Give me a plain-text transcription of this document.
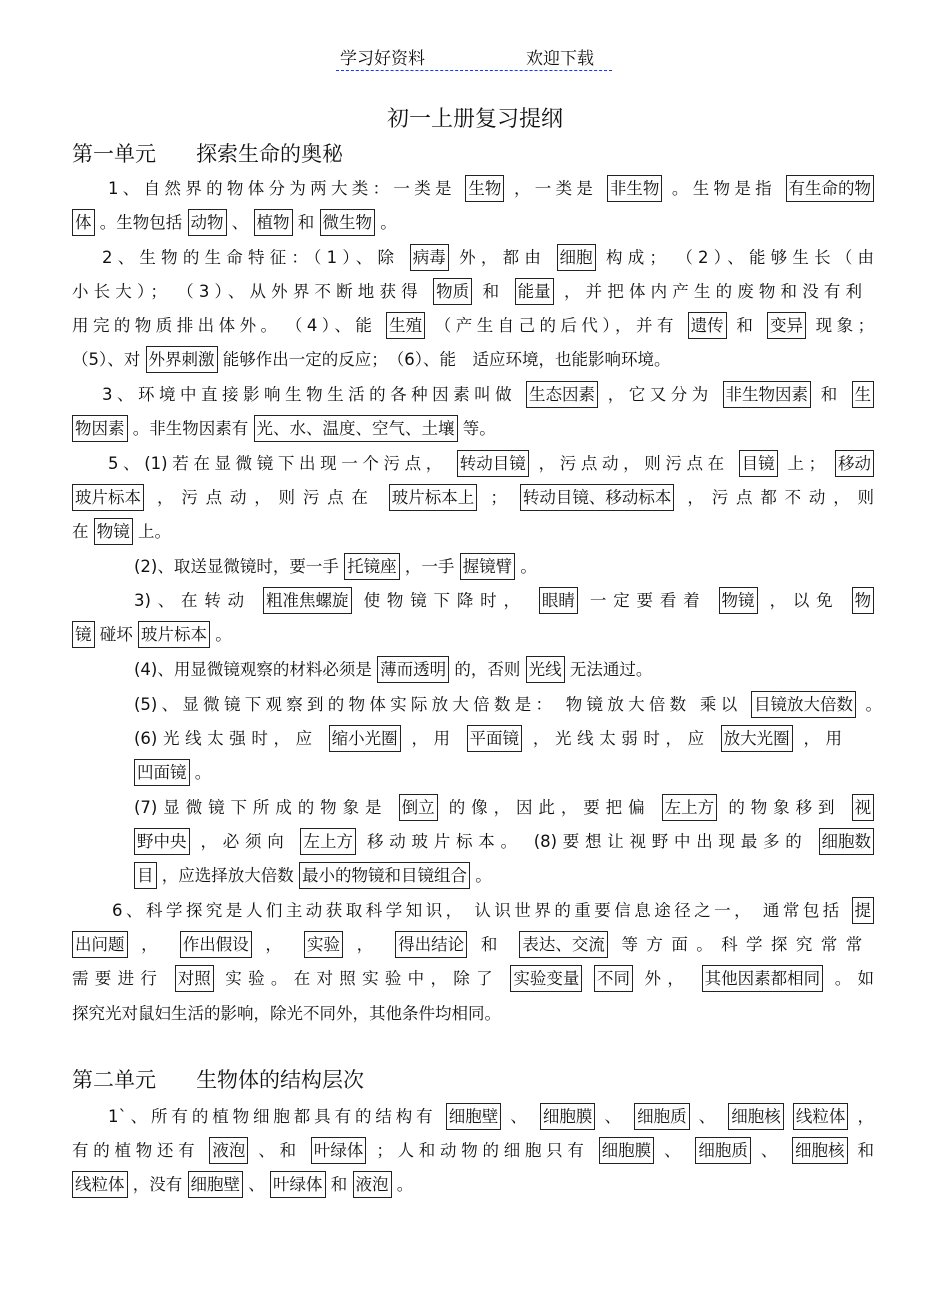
学习好资料	欢迎下载
初一上册复习提纲
第一单元 探索生命的奥秘
第二单元 生物体的结构层次
1、自然界的物体分为两大类：一类是 生物 ，一类是 非生物 。生物是指 有生命的物
体 。生物包括 动物 、 植物 和 微生物 。
2、生物的生命特征：（1）、除 病毒 外，都由 细胞 构成；　（2）、能够生长（由
小长大）；　（3）、从外界不断地获得 物质 和 能量 ，并把体内产生的废物和没有利
用完的物质排出体外。　（4）、能 生殖 （产生自己的后代），并有 遗传 和 变异 现象；
（5）、对 外界刺激 能够作出一定的反应；　（6）、能　适应环境，也能影响环境。
3、环境中直接影响生物生活的各种因素叫做 生态因素 ，它又分为 非生物因素 和 生
物因素 。非生物因素有 光、水、温度、空气、土壤 等。
5、(1)若在显微镜下出现一个污点， 转动目镜 ，污点动，则污点在 目镜 上； 移动
玻片标本 ，污点动，则污点在 玻片标本上 ； 转动目镜、移动标本 ，污点都不动，则
在 物镜 上。
(2)、取送显微镜时，要一手 托镜座 ，一手 握镜臂 。
3)、在转动 粗准焦螺旋 使物镜下降时， 眼睛 一定要看着 物镜 ，以免 物
镜 碰坏 玻片标本 。
(4)、用显微镜观察的材料必须是 薄而透明 的，否则 光线 无法通过。
(5)、显微镜下观察到的物体实际放大倍数是： 物镜放大倍数 乘以 目镜放大倍数 。
(6)光线太强时，应 缩小光圈 ，用 平面镜 ，光线太弱时，应 放大光圈 ，用
凹面镜 。
(7)显微镜下所成的物象是 倒立 的像，因此，要把偏 左上方 的物象移到 视
野中央 ，必须向 左上方 移动玻片标本。 (8)要想让视野中出现最多的 细胞数
目 ，应选择放大倍数 最小的物镜和目镜组合 。
6、科学探究是人们主动获取科学知识， 认识世界的重要信息途径之一， 通常包括 提
出问题 ， 作出假设 ， 实验 ， 得出结论 和 表达、交流 等方面。科学探究常常
需要进行 对照 实验。在对照实验中，除了 实验变量 不同 外， 其他因素都相同 。如
探究光对鼠妇生活的影响，除光不同外，其他条件均相同。
1`、所有的植物细胞都具有的结构有 细胞壁 、 细胞膜 、 细胞质 、 细胞核 线粒体 ，
有的植物还有 液泡 、和 叶绿体 ；人和动物的细胞只有 细胞膜 、 细胞质 、 细胞核 和
线粒体 ，没有 细胞壁 、 叶绿体 和 液泡 。
